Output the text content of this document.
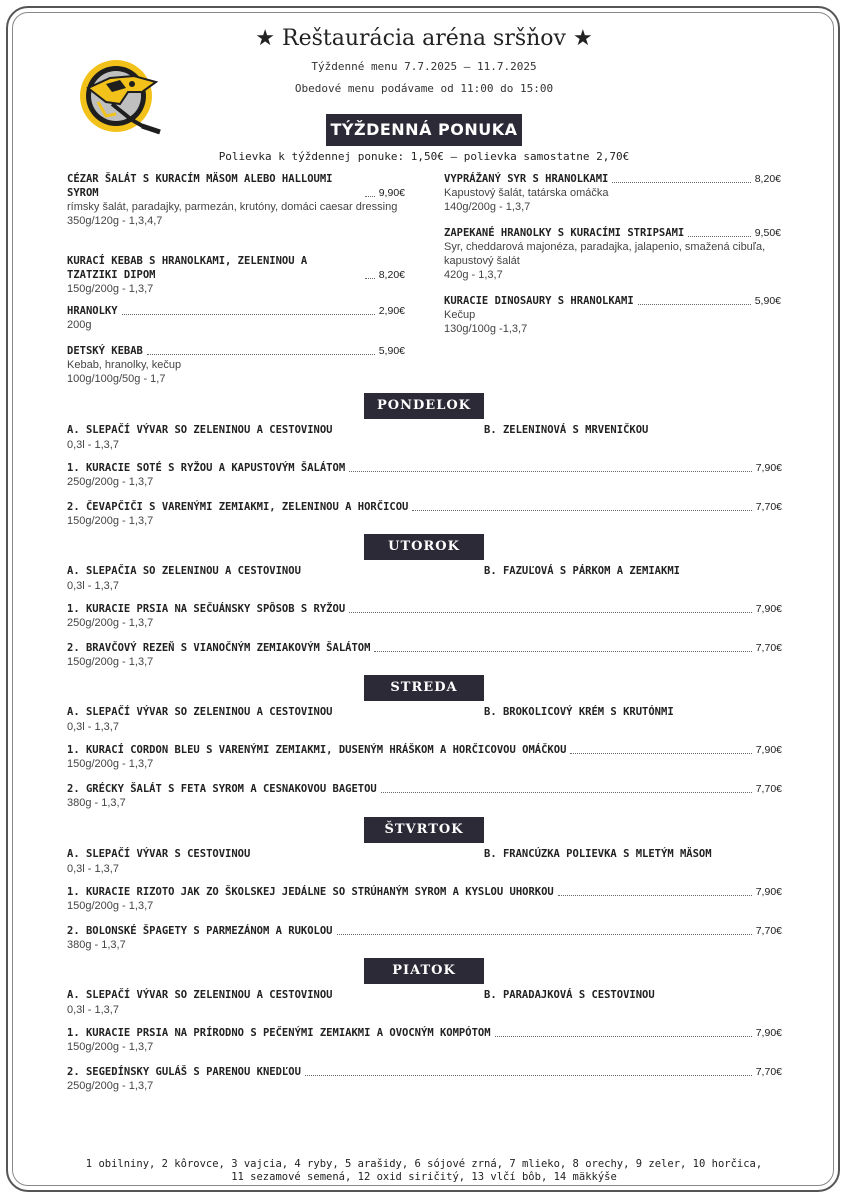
★ Reštaurácia aréna sršňov ★
Týždenné menu 7.7.2025 – 11.7.2025
Obedové menu podávame od 11:00 do 15:00
TÝŽDENNÁ PONUKA
Polievka k týždennej ponuke: 1,50€ – polievka samostatne 2,70€
CÉZAR ŠALÁT S KURACÍM MÄSOM ALEBO HALLOUMI SYROM	9,90€
rímsky šalát, paradajky, parmezán, krutóny, domáci caesar dressing
350g/120g - 1,3,4,7
KURACÍ KEBAB S HRANOLKAMI, ZELENINOU A TZATZIKI DIPOM	8,20€
150g/200g - 1,3,7
HRANOLKY	2,90€
200g
DETSKÝ KEBAB	5,90€
Kebab, hranolky, kečup
100g/100g/50g - 1,7
VYPRÁŽANÝ SYR S HRANOLKAMI	8,20€
Kapustový šalát, tatárska omáčka
140g/200g - 1,3,7
ZAPEKANÉ HRANOLKY S KURACÍMI STRIPSAMI	9,50€
Syr, cheddarová majonéza, paradajka, jalapenio, smažená cibuľa, kapustový šalát
420g - 1,3,7
KURACIE DINOSAURY S HRANOLKAMI	5,90€
Kečup
130g/100g -1,3,7
PONDELOK
A. SLEPAČÍ VÝVAR SO ZELENINOU A CESTOVINOU	B. ZELENINOVÁ S MRVENIČKOU
0,3l - 1,3,7
1. KURACIE SOTÉ S RYŽOU A KAPUSTOVÝM ŠALÁTOM	7,90€
250g/200g - 1,3,7
2. ČEVAPČIČI S VARENÝMI ZEMIAKMI, ZELENINOU A HORČICOU	7,70€
150g/200g - 1,3,7
UTOROK
A. SLEPAČIA SO ZELENINOU A CESTOVINOU	B. FAZUĽOVÁ S PÁRKOM A ZEMIAKMI
0,3l - 1,3,7
1. KURACIE PRSIA NA SEČUÁNSKY SPÔSOB S RYŽOU	7,90€
250g/200g - 1,3,7
2. BRAVČOVÝ REZEŇ S VIANOČNÝM ZEMIAKOVÝM ŠALÁTOM	7,70€
150g/200g - 1,3,7
STREDA
A. SLEPAČÍ VÝVAR SO ZELENINOU A CESTOVINOU	B. BROKOLICOVÝ KRÉM S KRUTÓNMI
0,3l - 1,3,7
1. KURACÍ CORDON BLEU S VARENÝMI ZEMIAKMI, DUSENÝM HRÁŠKOM A HORČICOVOU OMÁČKOU	7,90€
150g/200g - 1,3,7
2. GRÉCKY ŠALÁT S FETA SYROM A CESNAKOVOU BAGETOU	7,70€
380g - 1,3,7
ŠTVRTOK
A. SLEPAČÍ VÝVAR S CESTOVINOU	B. FRANCÚZKA POLIEVKA S MLETÝM MÄSOM
0,3l - 1,3,7
1. KURACIE RIZOTO JAK ZO ŠKOLSKEJ JEDÁLNE SO STRÚHANÝM SYROM A KYSLOU UHORKOU	7,90€
150g/200g - 1,3,7
2. BOLONSKÉ ŠPAGETY S PARMEZÁNOM A RUKOLOU	7,70€
380g - 1,3,7
PIATOK
A. SLEPAČÍ VÝVAR SO ZELENINOU A CESTOVINOU	B. PARADAJKOVÁ S CESTOVINOU
0,3l - 1,3,7
1. KURACIE PRSIA NA PRÍRODNO S PEČENÝMI ZEMIAKMI A OVOCNÝM KOMPÓTOM	7,90€
150g/200g - 1,3,7
2. SEGEDÍNSKY GULÁŠ S PARENOU KNEDĽOU	7,70€
250g/200g - 1,3,7
1 obilniny, 2 kôrovce, 3 vajcia, 4 ryby, 5 arašidy, 6 sójové zrná, 7 mlieko, 8 orechy, 9 zeler, 10 horčica,
11 sezamové semená, 12 oxid siričitý, 13 vlčí bôb, 14 mäkkýše
